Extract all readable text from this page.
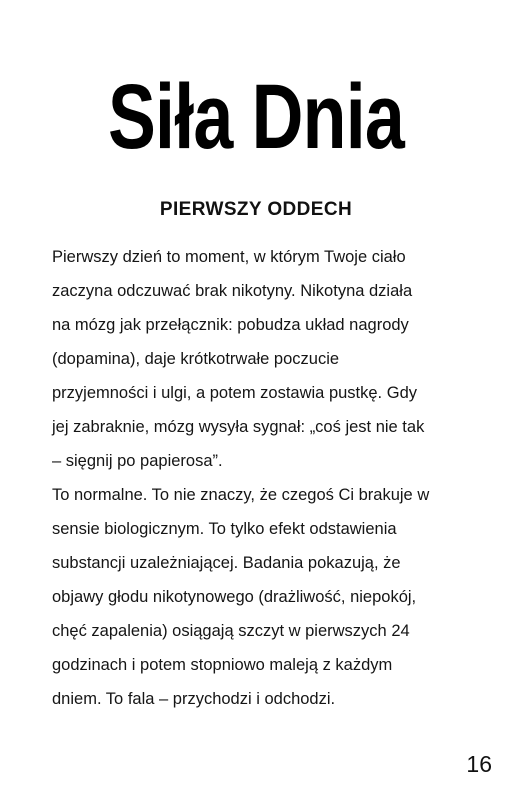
Siła Dnia
PIERWSZY ODDECH
Pierwszy dzień to moment, w którym Twoje ciało
zaczyna odczuwać brak nikotyny. Nikotyna działa
na mózg jak przełącznik: pobudza układ nagrody
(dopamina), daje krótkotrwałe poczucie
przyjemności i ulgi, a potem zostawia pustkę. Gdy
jej zabraknie, mózg wysyła sygnał: „coś jest nie tak
– sięgnij po papierosa”.
To normalne. To nie znaczy, że czegoś Ci brakuje w
sensie biologicznym. To tylko efekt odstawienia
substancji uzależniającej. Badania pokazują, że
objawy głodu nikotynowego (drażliwość, niepokój,
chęć zapalenia) osiągają szczyt w pierwszych 24
godzinach i potem stopniowo maleją z każdym
dniem. To fala – przychodzi i odchodzi.
16
